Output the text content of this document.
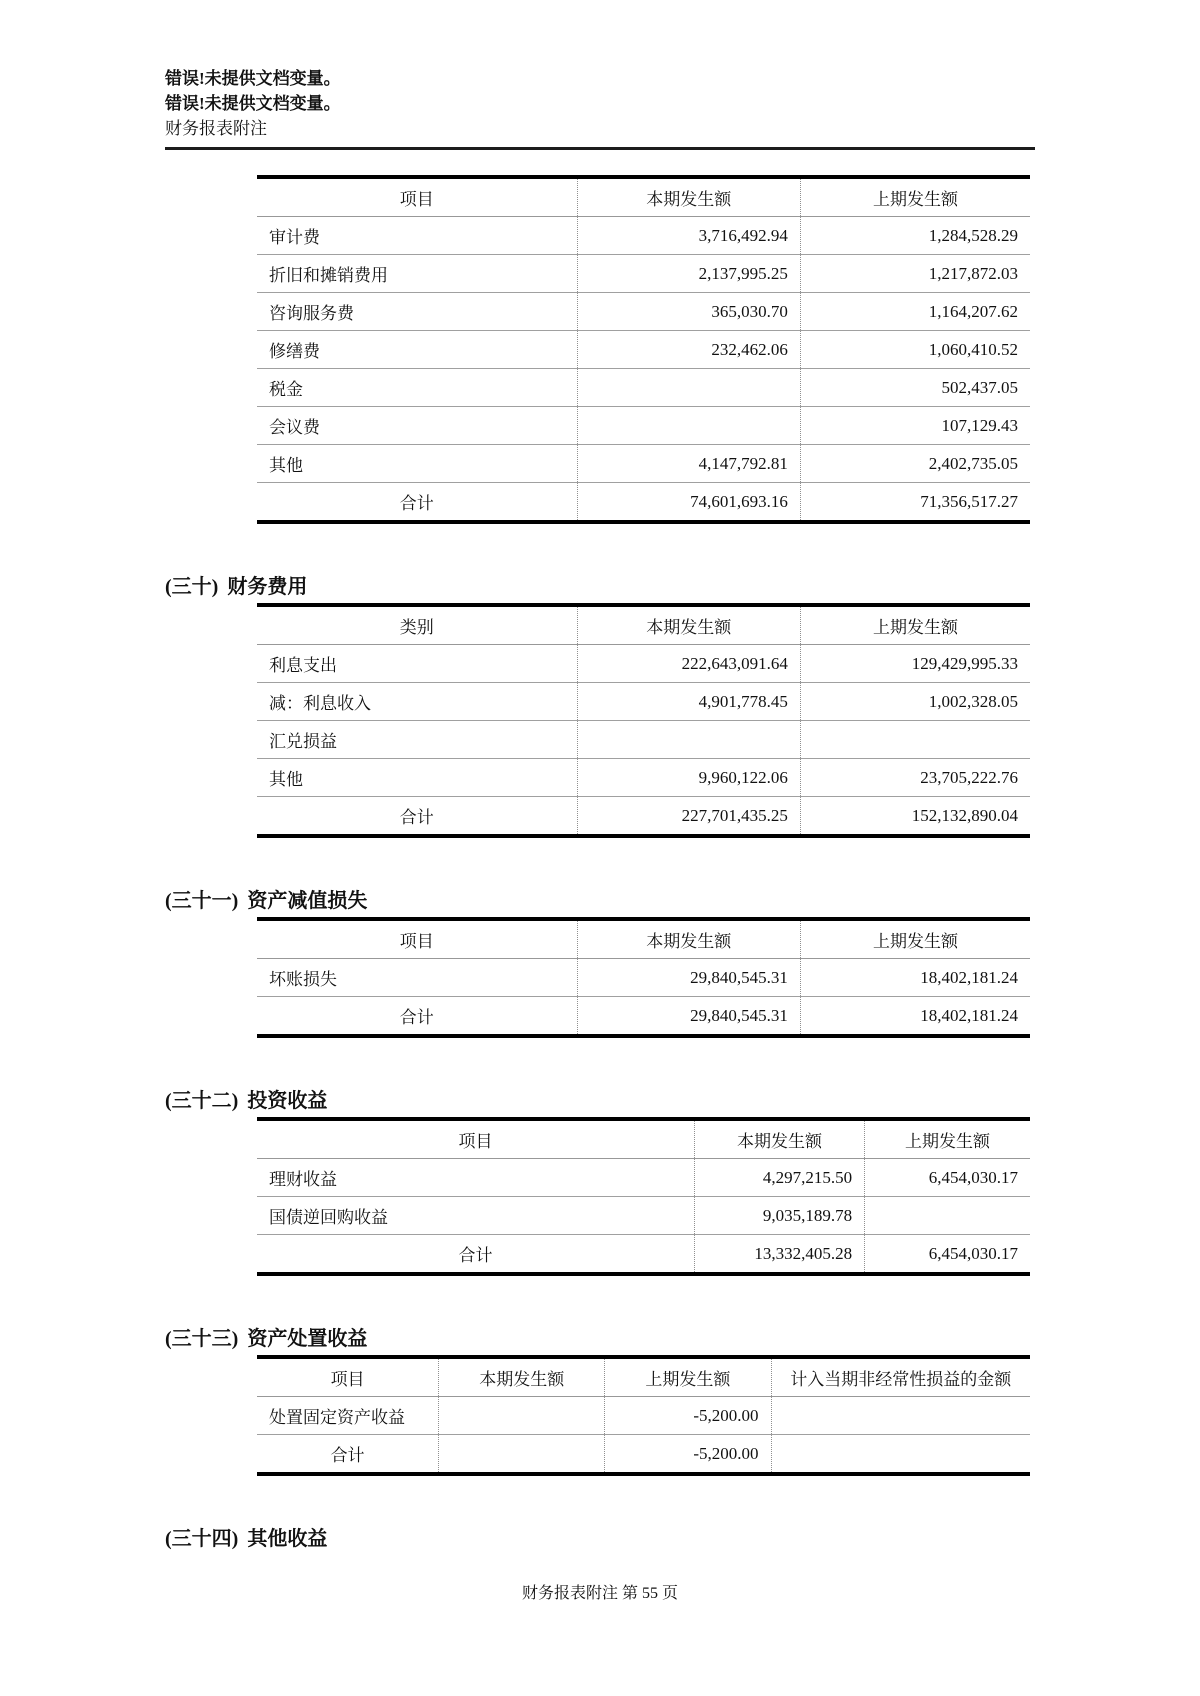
错误!未提供文档变量。
错误!未提供文档变量。
财务报表附注
项目	本期发生额	上期发生额
审计费	3,716,492.94	1,284,528.29
折旧和摊销费用	2,137,995.25	1,217,872.03
咨询服务费	365,030.70	1,164,207.62
修缮费	232,462.06	1,060,410.52
税金		502,437.05
会议费		107,129.43
其他	4,147,792.81	2,402,735.05
合计	74,601,693.16	71,356,517.27
(三十) 财务费用
类别	本期发生额	上期发生额
利息支出	222,643,091.64	129,429,995.33
减：利息收入	4,901,778.45	1,002,328.05
汇兑损益		
其他	9,960,122.06	23,705,222.76
合计	227,701,435.25	152,132,890.04
(三十一) 资产减值损失
项目	本期发生额	上期发生额
坏账损失	29,840,545.31	18,402,181.24
合计	29,840,545.31	18,402,181.24
(三十二) 投资收益
项目	本期发生额	上期发生额
理财收益	4,297,215.50	6,454,030.17
国债逆回购收益	9,035,189.78	
合计	13,332,405.28	6,454,030.17
(三十三) 资产处置收益
项目	本期发生额	上期发生额	计入当期非经常性损益的金额
处置固定资产收益		-5,200.00	
合计		-5,200.00	
(三十四) 其他收益
财务报表附注 第 55 页
